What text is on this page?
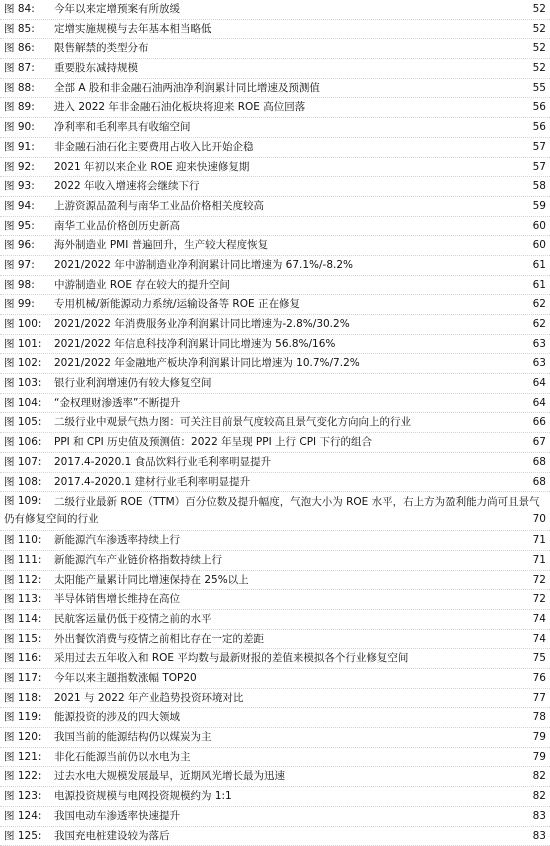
图 84: 今年以来定增预案有所放缓	52
图 85: 定增实施规模与去年基本相当略低	52
图 86: 限售解禁的类型分布	52
图 87: 重要股东减持规模	52
图 88: 全部 A 股和非金融石油两油净利润累计同比增速及预测值	55
图 89: 进入 2022 年非金融石油化板块将迎来 ROE 高位回落	56
图 90: 净利率和毛利率具有收缩空间	56
图 91: 非金融石油石化主要费用占收入比开始企稳	57
图 92: 2021 年初以来企业 ROE 迎来快速修复期	57
图 93: 2022 年收入增速将会继续下行	58
图 94: 上游资源品盈利与南华工业品价格相关度较高	59
图 95: 南华工业品价格创历史新高	60
图 96: 海外制造业 PMI 普遍回升，生产较大程度恢复	60
图 97: 2021/2022 年中游制造业净利润累计同比增速为 67.1%/-8.2%	61
图 98: 中游制造业 ROE 存在较大的提升空间	61
图 99: 专用机械/新能源动力系统/运输设备等 ROE 正在修复	62
图 100: 2021/2022 年消费服务业净利润累计同比增速为-2.8%/30.2%	62
图 101: 2021/2022 年信息科技净利润累计同比增速为 56.8%/16%	63
图 102: 2021/2022 年金融地产板块净利润累计同比增速为 10.7%/7.2%	63
图 103: 银行业利润增速仍有较大修复空间	64
图 104: “金权理财渗透率”不断提升	64
图 105: 二级行业中观景气热力图：可关注目前景气度较高且景气变化方向向上的行业	66
图 106: PPI 和 CPI 历史值及预测值：2022 年呈现 PPI 上行 CPI 下行的组合	67
图 107: 2017.4-2020.1 食品饮料行业毛利率明显提升	68
图 108: 2017.4-2020.1 建材行业毛利率明显提升	68
图 109:	二级行业最新 ROE（TTM）百分位数及提升幅度，气泡大小为 ROE 水平，右上方为盈利能力尚可且景气仍有修复空间的行业	70
图 110: 新能源汽车渗透率持续上行	71
图 111: 新能源汽车产业链价格指数持续上行	71
图 112: 太阳能产量累计同比增速保持在 25%以上	72
图 113: 半导体销售增长维持在高位	72
图 114: 民航客运量仍低于疫情之前的水平	74
图 115: 外出餐饮消费与疫情之前相比存在一定的差距	74
图 116: 采用过去五年收入和 ROE 平均数与最新财报的差值来模拟各个行业修复空间	75
图 117: 今年以来主题指数涨幅 TOP20	76
图 118: 2021 与 2022 年产业趋势投资环境对比	77
图 119: 能源投资的涉及的四大领域	78
图 120: 我国当前的能源结构仍以煤炭为主	79
图 121: 非化石能源当前仍以水电为主	79
图 122: 过去水电大规模发展最早，近期风光增长最为迅速	82
图 123: 电源投资规模与电网投资规模约为 1:1	82
图 124: 我国电动车渗透率快速提升	83
图 125: 我国充电桩建设较为落后	83
